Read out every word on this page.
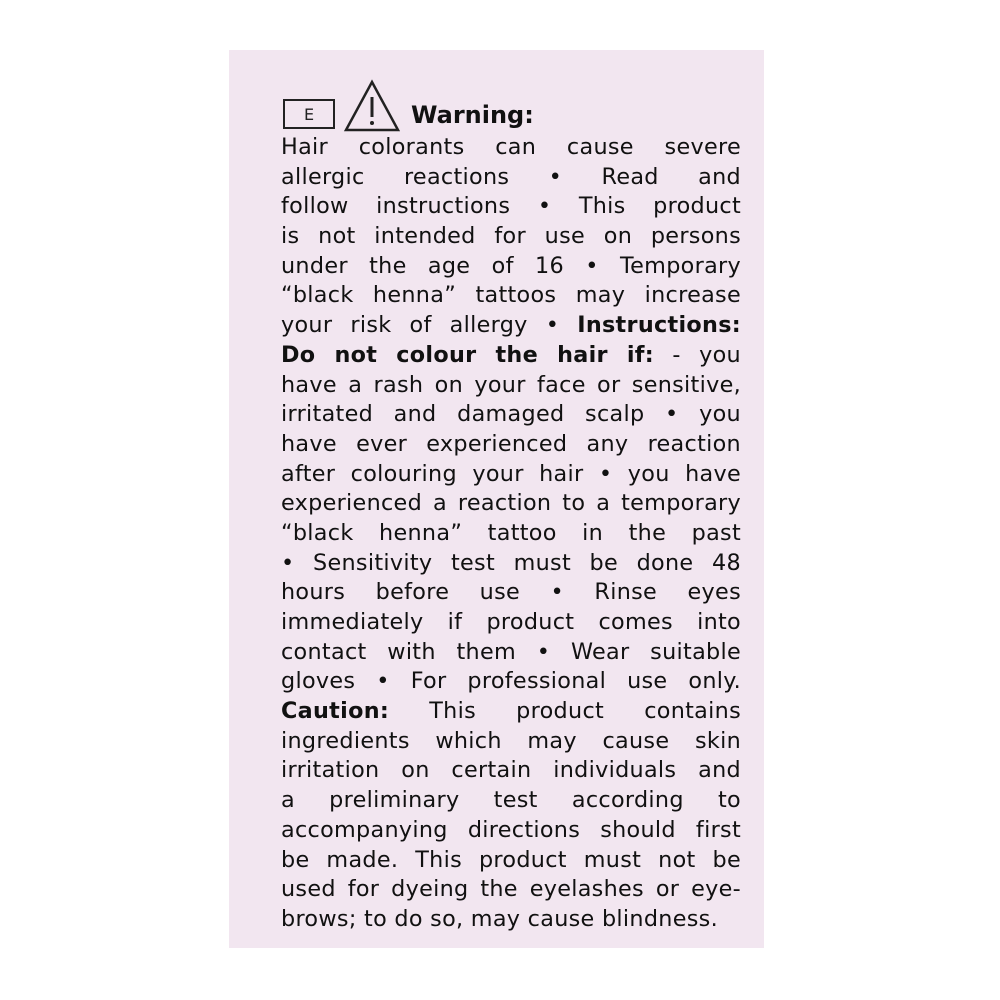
E	Warning:
Hair colorants can cause severe
allergic reactions • Read and
follow instructions • This product
is not intended for use on persons
under the age of 16 • Temporary
“black henna” tattoos may increase
your risk of allergy • Instructions:
Do not colour the hair if: - you
have a rash on your face or sensitive,
irritated and damaged scalp • you
have ever experienced any reaction
after colouring your hair • you have
experienced a reaction to a temporary
“black henna” tattoo in the past
• Sensitivity test must be done 48
hours before use • Rinse eyes
immediately if product comes into
contact with them • Wear suitable
gloves • For professional use only.
Caution: This product contains
ingredients which may cause skin
irritation on certain individuals and
a preliminary test according to
accompanying directions should first
be made. This product must not be
used for dyeing the eyelashes or eye-
brows; to do so, may cause blindness.
